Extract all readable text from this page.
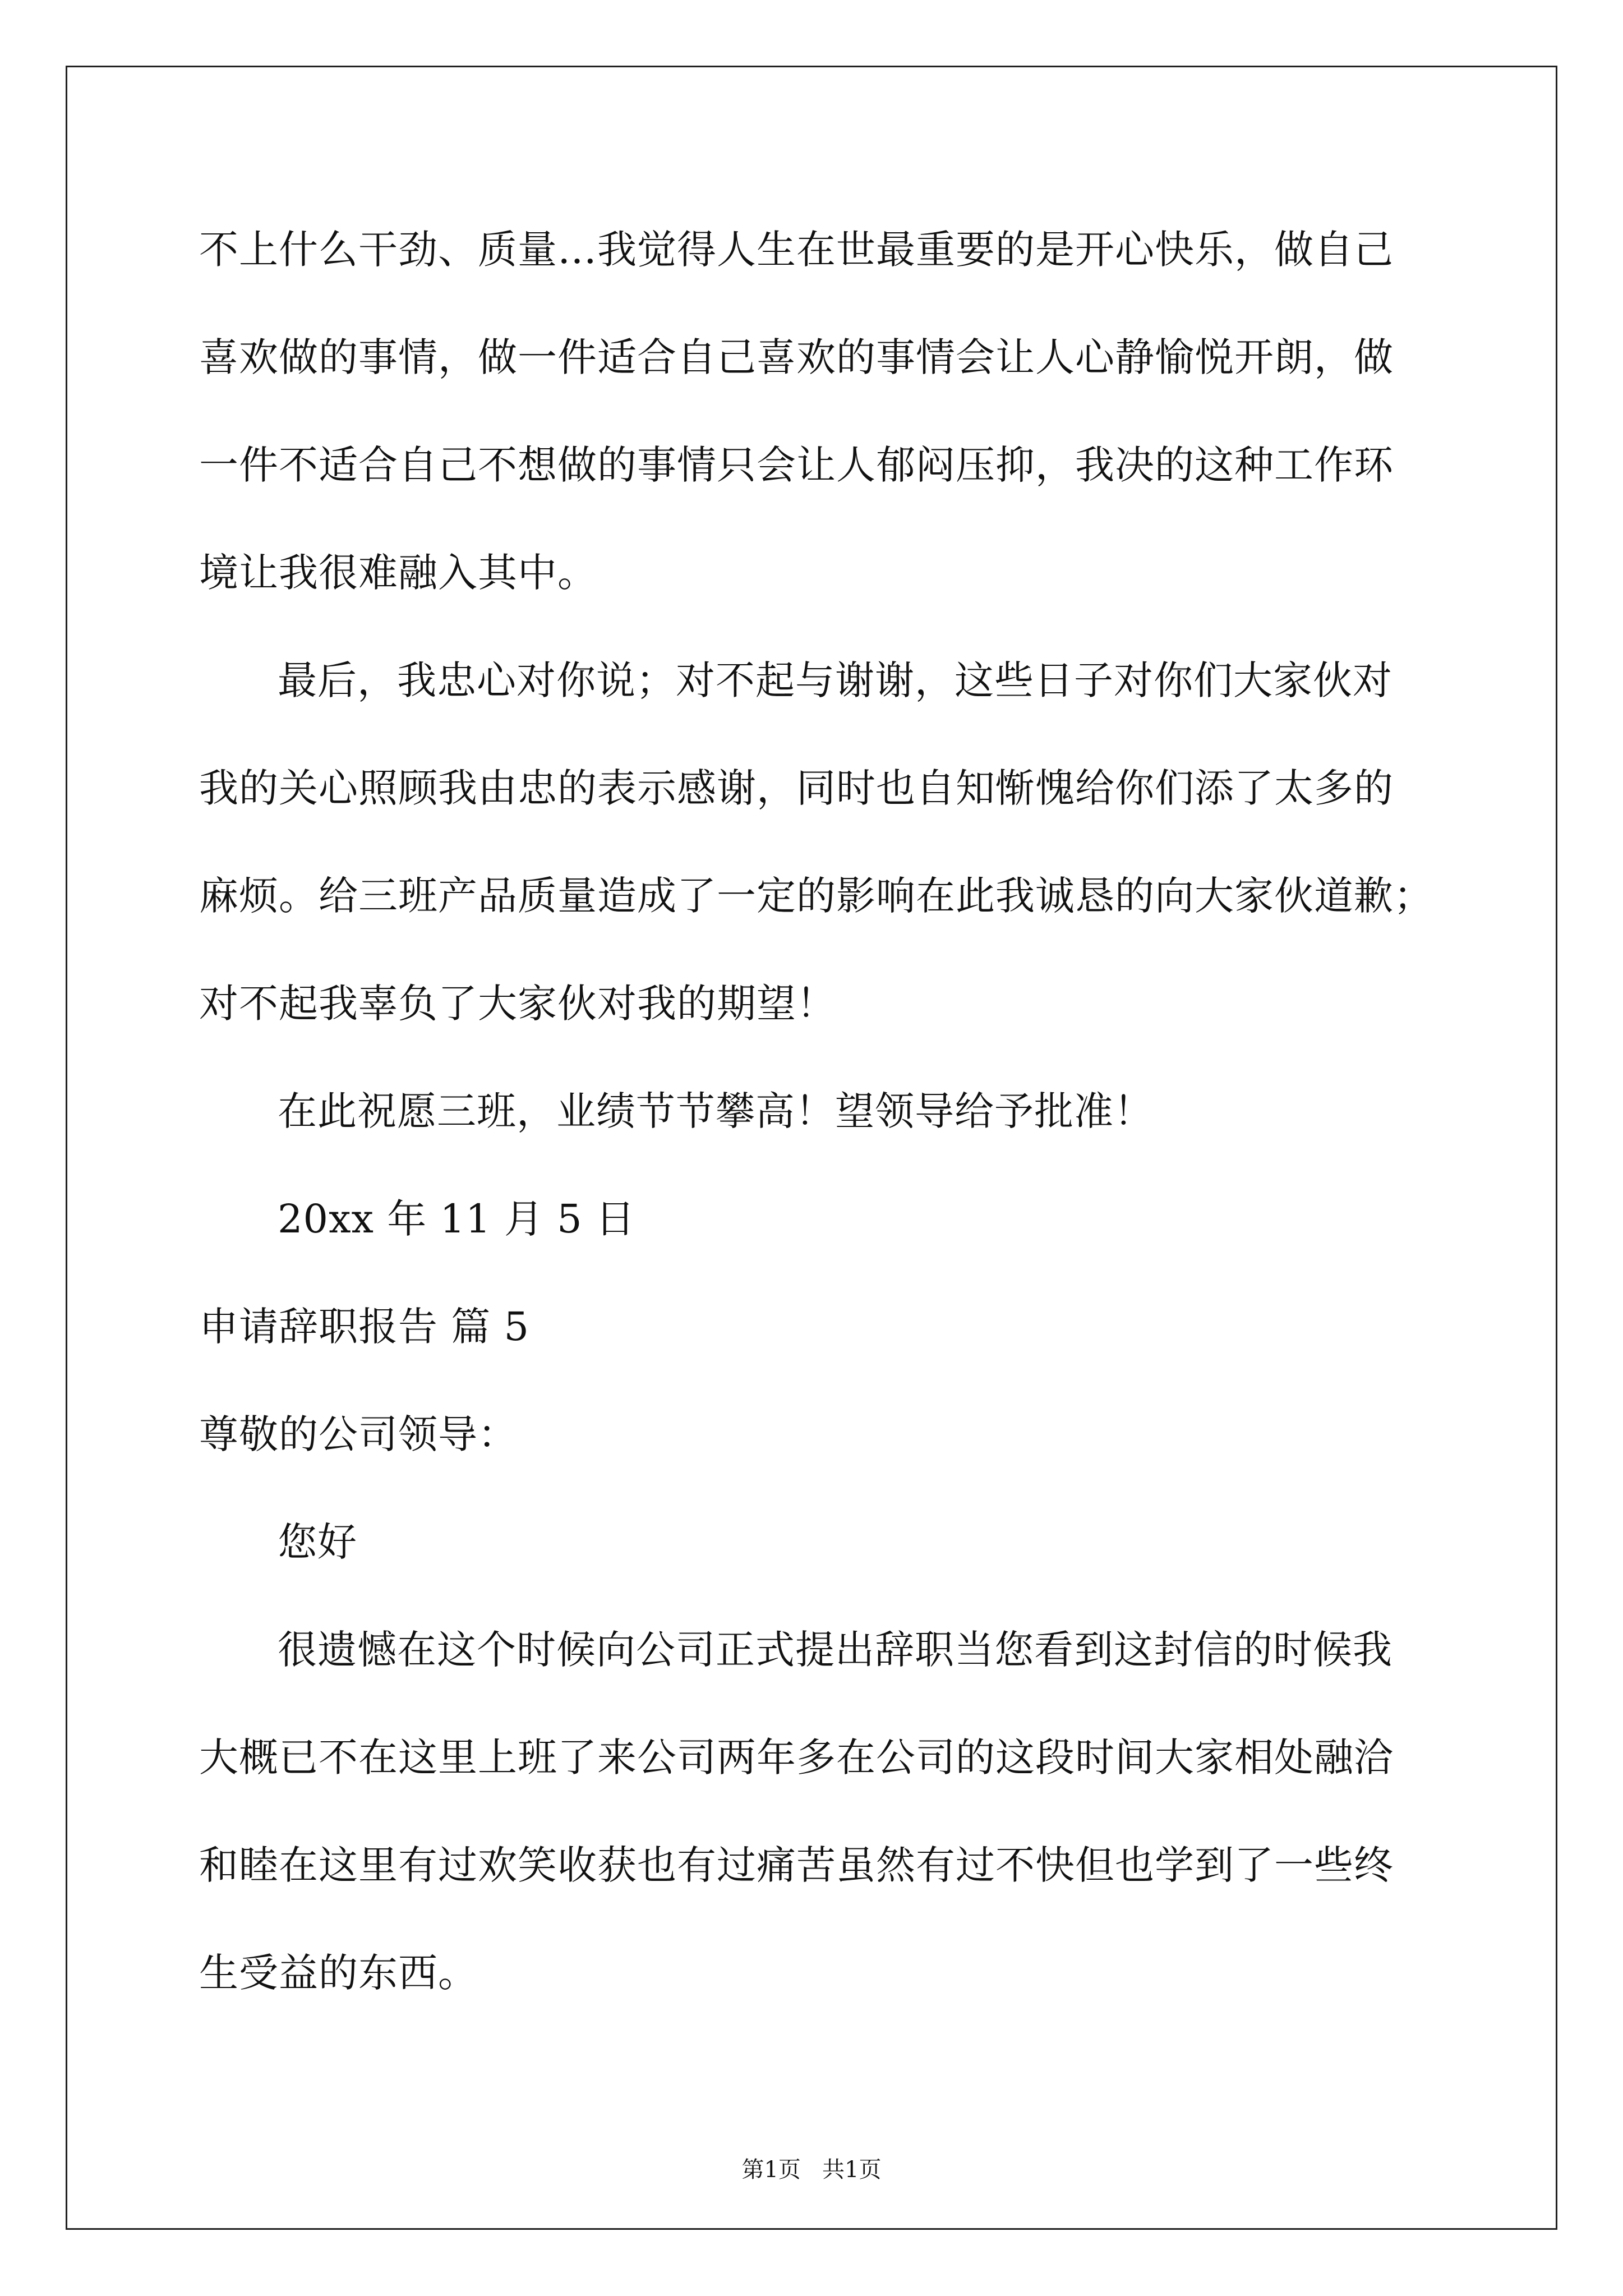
不上什么干劲、质量…我觉得人生在世最重要的是开心快乐，做自己

喜欢做的事情，做一件适合自己喜欢的事情会让人心静愉悦开朗，做

一件不适合自己不想做的事情只会让人郁闷压抑，我决的这种工作环

境让我很难融入其中。

最后，我忠心对你说；对不起与谢谢，这些日子对你们大家伙对

我的关心照顾我由忠的表示感谢，同时也自知惭愧给你们添了太多的

麻烦。给三班产品质量造成了一定的影响在此我诚恳的向大家伙道歉；

对不起我辜负了大家伙对我的期望！

在此祝愿三班，业绩节节攀高！望领导给予批准！

20xx 年 11 月 5 日

申请辞职报告 篇 5

尊敬的公司领导：

您好

很遗憾在这个时候向公司正式提出辞职当您看到这封信的时候我

大概已不在这里上班了来公司两年多在公司的这段时间大家相处融洽

和睦在这里有过欢笑收获也有过痛苦虽然有过不快但也学到了一些终

生受益的东西。

第1页   共1页
